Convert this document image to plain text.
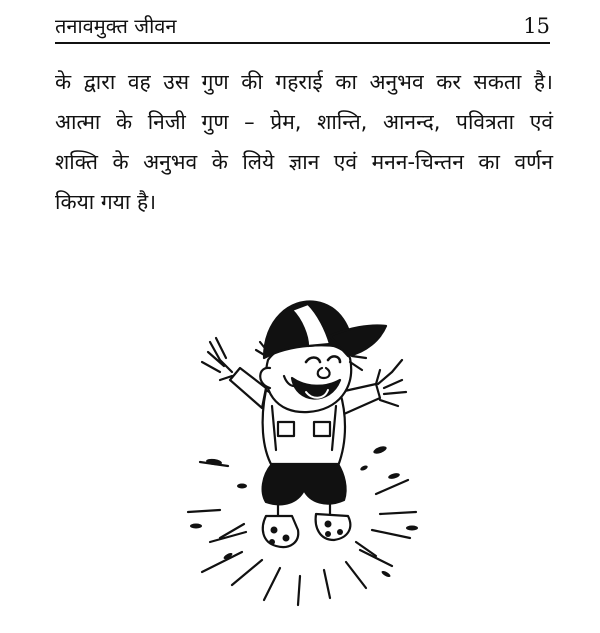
तनावमुक्त जीवन	15

के द्वारा वह उस गुण की गहराई का अनुभव कर सकता है।
आत्मा के निजी गुण – प्रेम, शान्ति, आनन्द, पवित्रता एवं
शक्ति के अनुभव के लिये ज्ञान एवं मनन-चिन्तन का वर्णन
किया गया है।
